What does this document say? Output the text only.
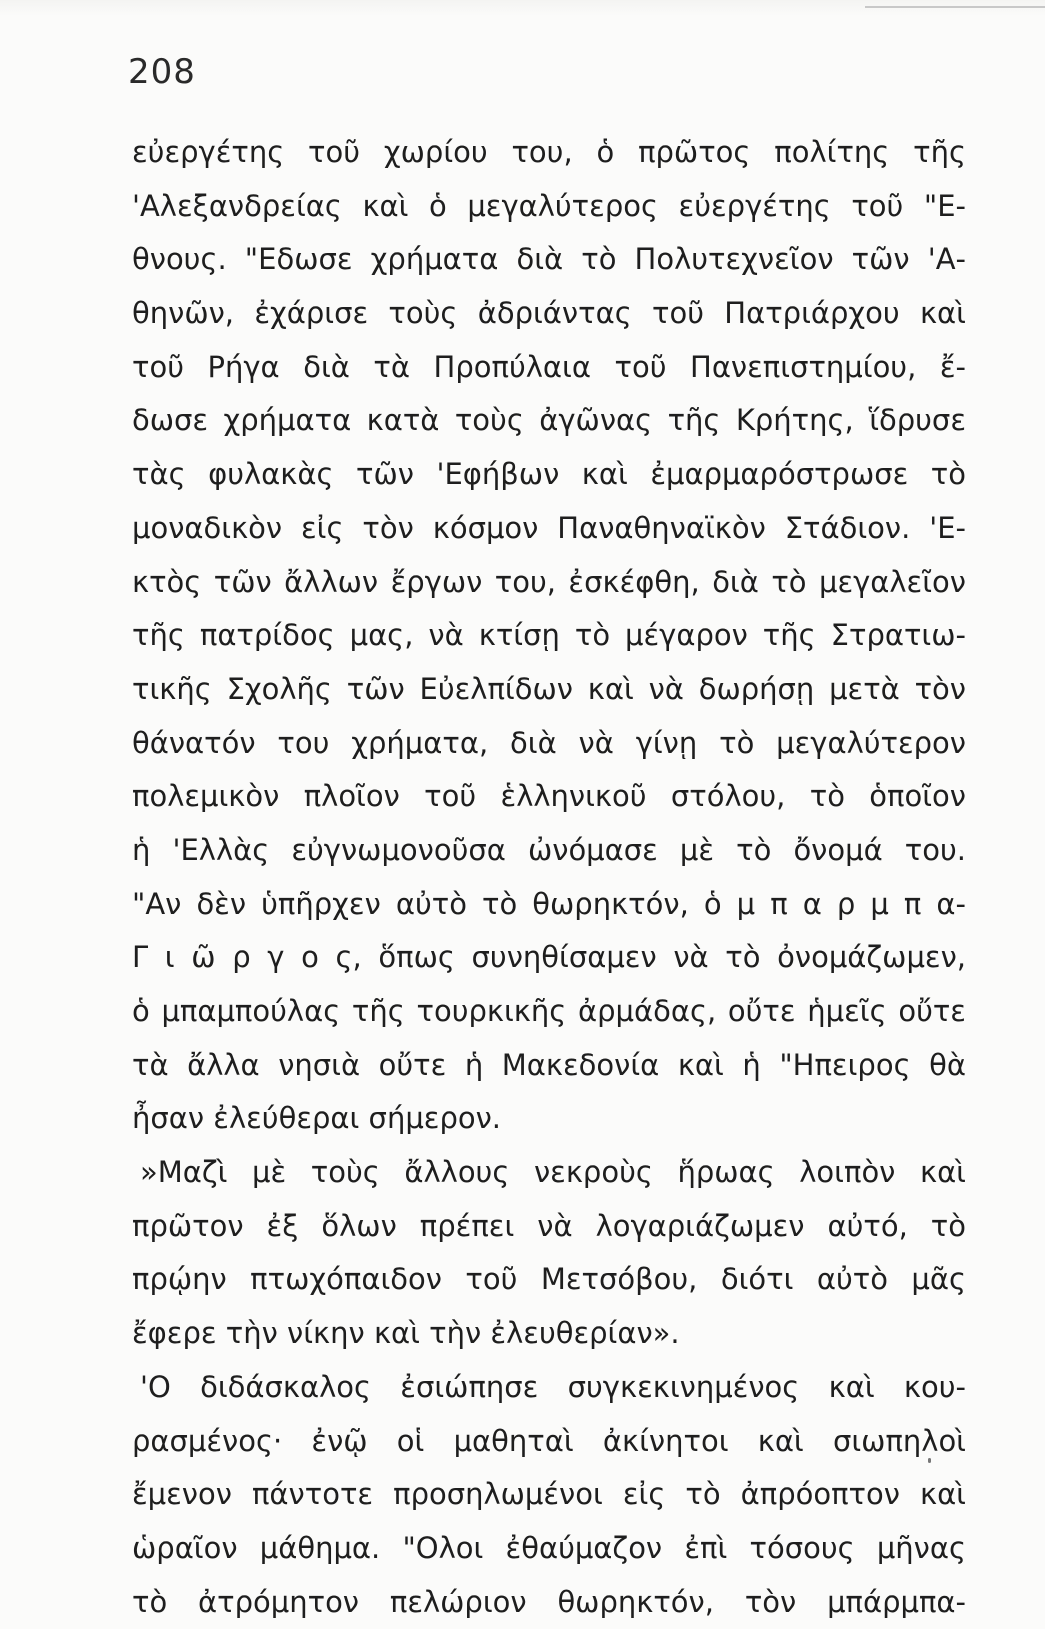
208
εὐεργέτης τοῦ χωρίου του, ὁ πρῶτος πολίτης τῆς
'Αλεξανδρείας καὶ ὁ μεγαλύτερος εὐεργέτης τοῦ "Ε-
θνους. "Εδωσε χρήματα διὰ τὸ Πολυτεχνεῖον τῶν 'Α-
θηνῶν, ἐχάρισε τοὺς ἀδριάντας τοῦ Πατριάρχου καὶ
τοῦ Ρήγα διὰ τὰ Προπύλαια τοῦ Πανεπιστημίου, ἔ-
δωσε χρήματα κατὰ τοὺς ἀγῶνας τῆς Κρήτης, ἵδρυσε
τὰς φυλακὰς τῶν 'Εφήβων καὶ ἐμαρμαρόστρωσε τὸ
μοναδικὸν εἰς τὸν κόσμον Παναθηναϊκὸν Στάδιον. 'Ε-
κτὸς τῶν ἄλλων ἔργων του, ἐσκέφθη, διὰ τὸ μεγαλεῖον
τῆς πατρίδος μας, νὰ κτίσῃ τὸ μέγαρον τῆς Στρατιω-
τικῆς Σχολῆς τῶν Εὐελπίδων καὶ νὰ δωρήσῃ μετὰ τὸν
θάνατόν του χρήματα, διὰ νὰ γίνῃ τὸ μεγαλύτερον
πολεμικὸν πλοῖον τοῦ ἑλληνικοῦ στόλου, τὸ ὁποῖον
ἡ 'Ελλὰς εὐγνωμονοῦσα ὠνόμασε μὲ τὸ ὄνομά του.
"Αν δὲν ὑπῆρχεν αὐτὸ τὸ θωρηκτόν, ὁ μ π α ρ μ π α-
Γ ι ῶ ρ γ ο ς, ὅπως συνηθίσαμεν νὰ τὸ ὀνομάζωμεν,
ὁ μπαμπούλας τῆς τουρκικῆς ἀρμάδας, οὔτε ἡμεῖς οὔτε
τὰ ἄλλα νησιὰ οὔτε ἡ Μακεδονία καὶ ἡ "Ηπειρος θὰ
ἦσαν ἐλεύθεραι σήμερον.
»Μαζὶ μὲ τοὺς ἄλλους νεκροὺς ἥρωας λοιπὸν καὶ
πρῶτον ἐξ ὅλων πρέπει νὰ λογαριάζωμεν αὐτό, τὸ
πρῴην πτωχόπαιδον τοῦ Μετσόβου, διότι αὐτὸ μᾶς
ἔφερε τὴν νίκην καὶ τὴν ἐλευθερίαν».
'Ο διδάσκαλος ἐσιώπησε συγκεκινημένος καὶ κου-
ρασμένος· ἐνῷ οἱ μαθηταὶ ἀκίνητοι καὶ σιωπηλοὶ
ἔμενον πάντοτε προσηλωμένοι εἰς τὸ ἀπρόοπτον καὶ
ὡραῖον μάθημα. "Ολοι ἐθαύμαζον ἐπὶ τόσους μῆνας
τὸ ἀτρόμητον πελώριον θωρηκτόν, τὸν μπάρμπα-
